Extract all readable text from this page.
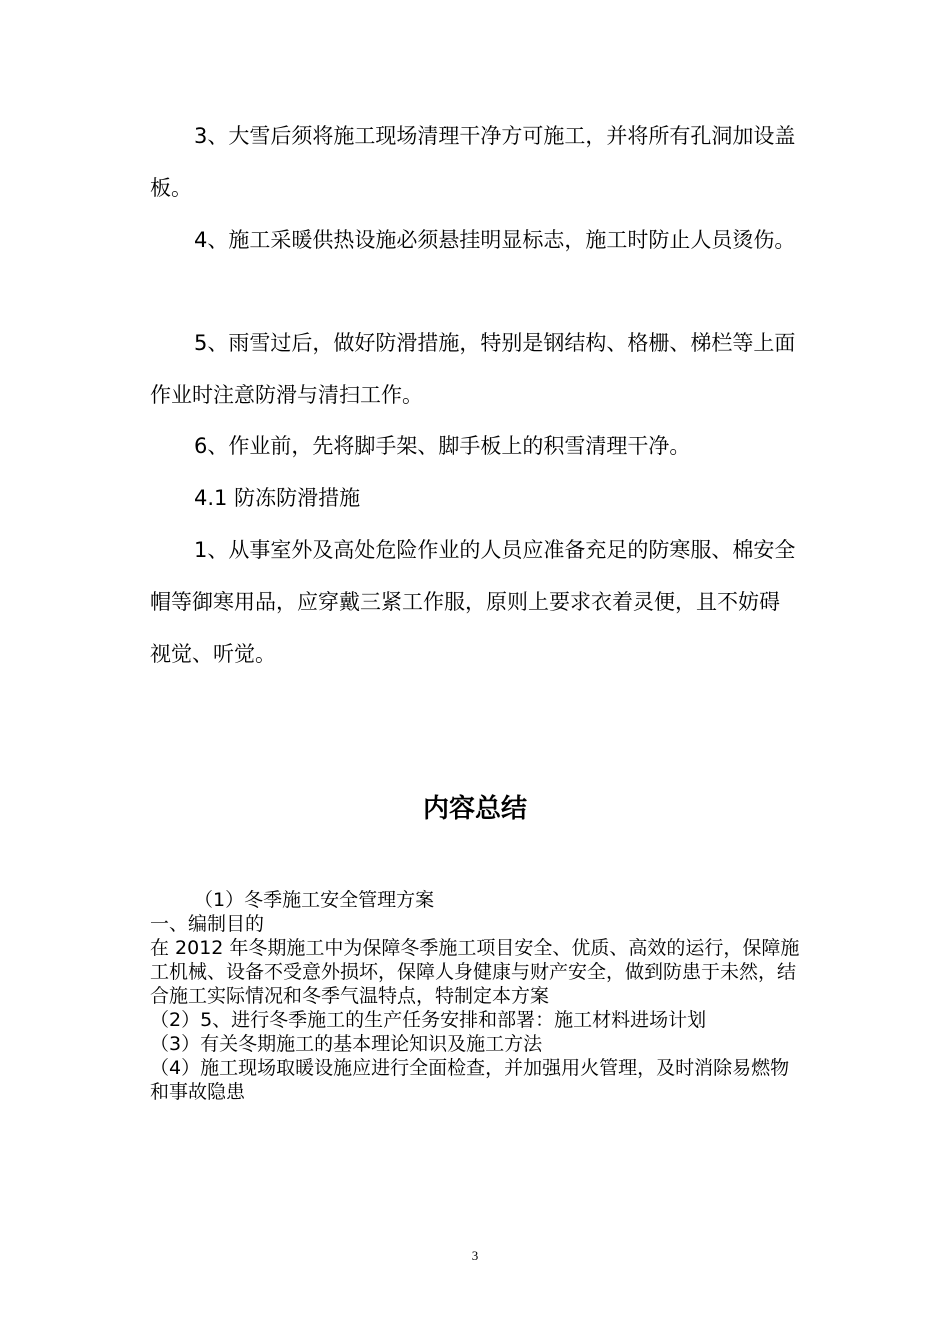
3、大雪后须将施工现场清理干净方可施工，并将所有孔洞加设盖板。

4、施工采暖供热设施必须悬挂明显标志，施工时防止人员烫伤。

5、雨雪过后，做好防滑措施，特别是钢结构、格栅、梯栏等上面作业时注意防滑与清扫工作。

6、作业前，先将脚手架、脚手板上的积雪清理干净。

4.1 防冻防滑措施

1、从事室外及高处危险作业的人员应准备充足的防寒服、棉安全帽等御寒用品，应穿戴三紧工作服，原则上要求衣着灵便，且不妨碍视觉、听觉。

内容总结

（1）冬季施工安全管理方案

一、编制目的

在 2012 年冬期施工中为保障冬季施工项目安全、优质、高效的运行，保障施工机械、设备不受意外损坏，保障人身健康与财产安全，做到防患于未然，结合施工实际情况和冬季气温特点，特制定本方案

（2）5、进行冬季施工的生产任务安排和部署：施工材料进场计划

（3）有关冬期施工的基本理论知识及施工方法

（4）施工现场取暖设施应进行全面检查，并加强用火管理，及时消除易燃物和事故隐患

3
